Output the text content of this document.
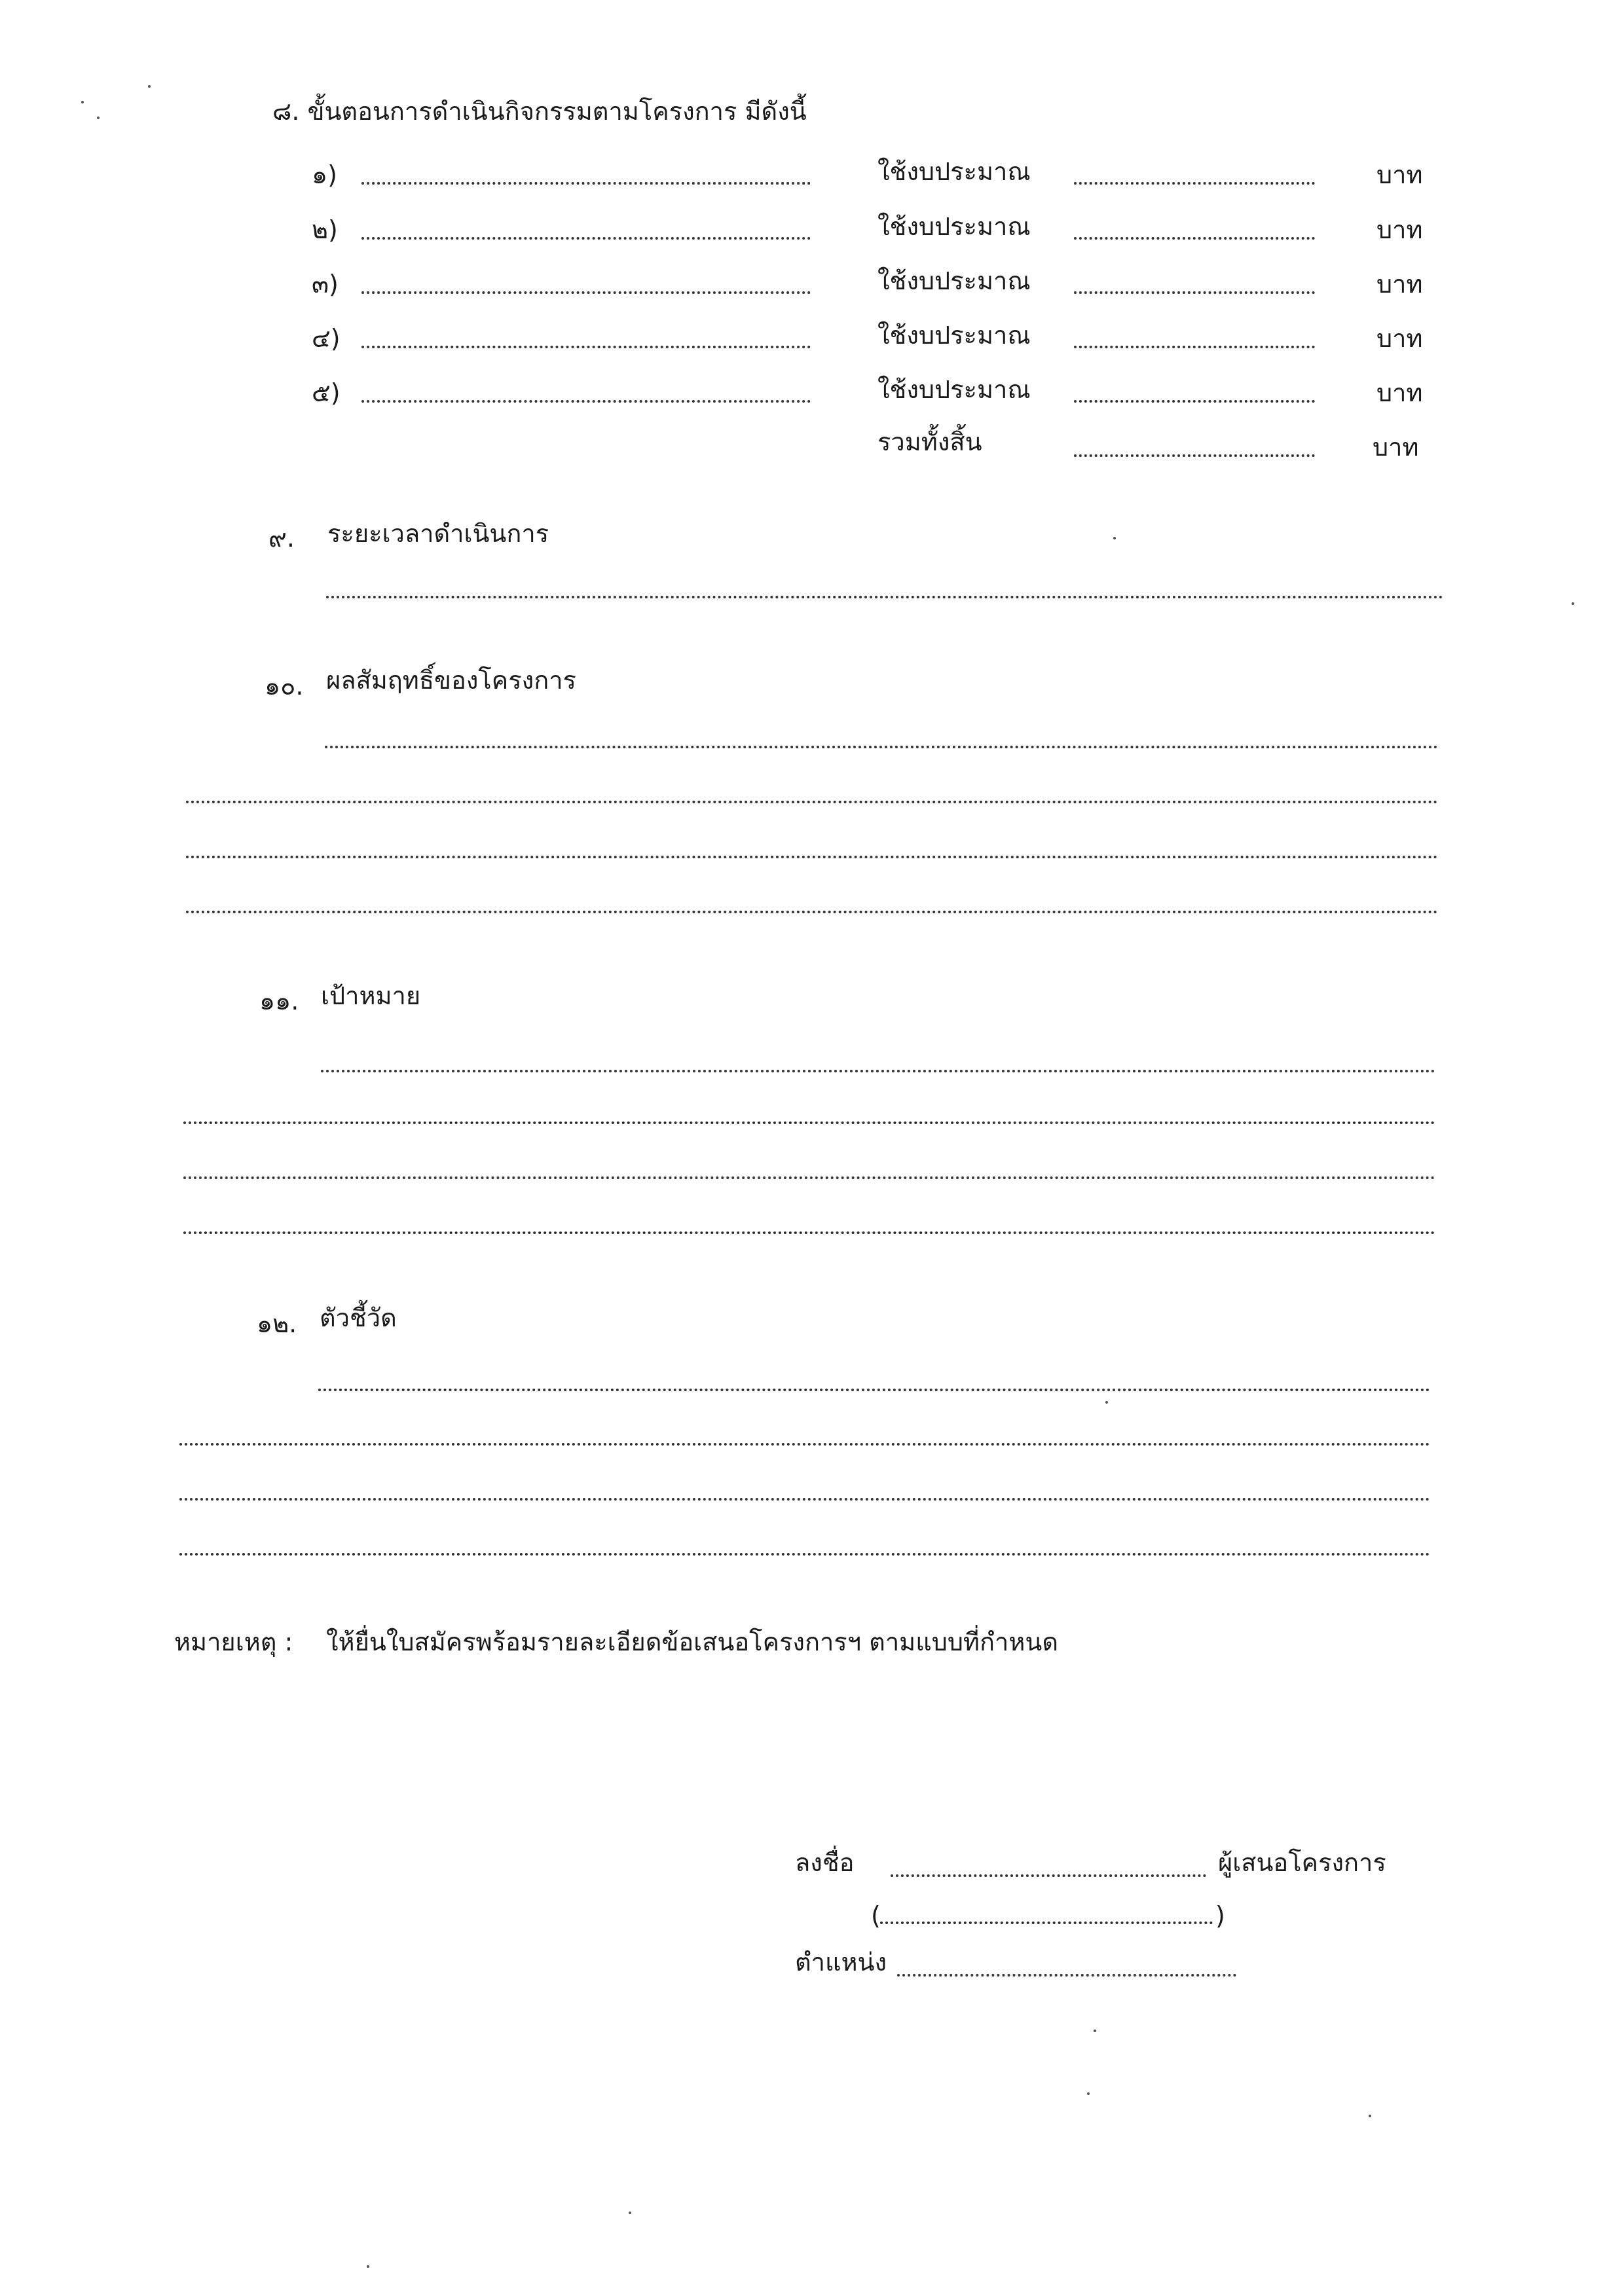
๘. ขั้นตอนการดำเนินกิจกรรมตามโครงการ มีดังนี้
๑)	ใช้งบประมาณ	บาท
๒)	ใช้งบประมาณ	บาท
๓)	ใช้งบประมาณ	บาท
๔)	ใช้งบประมาณ	บาท
๕)	ใช้งบประมาณ	บาท
รวมทั้งสิ้น	บาท
๙. ระยะเวลาดำเนินการ
๑๐. ผลสัมฤทธิ์ของโครงการ
๑๑. เป้าหมาย
๑๒. ตัวชี้วัด
หมายเหตุ : ให้ยื่นใบสมัครพร้อมรายละเอียดข้อเสนอโครงการฯ ตามแบบที่กำหนด
ลงชื่อ	ผู้เสนอโครงการ
(	)
ตำแหน่ง
